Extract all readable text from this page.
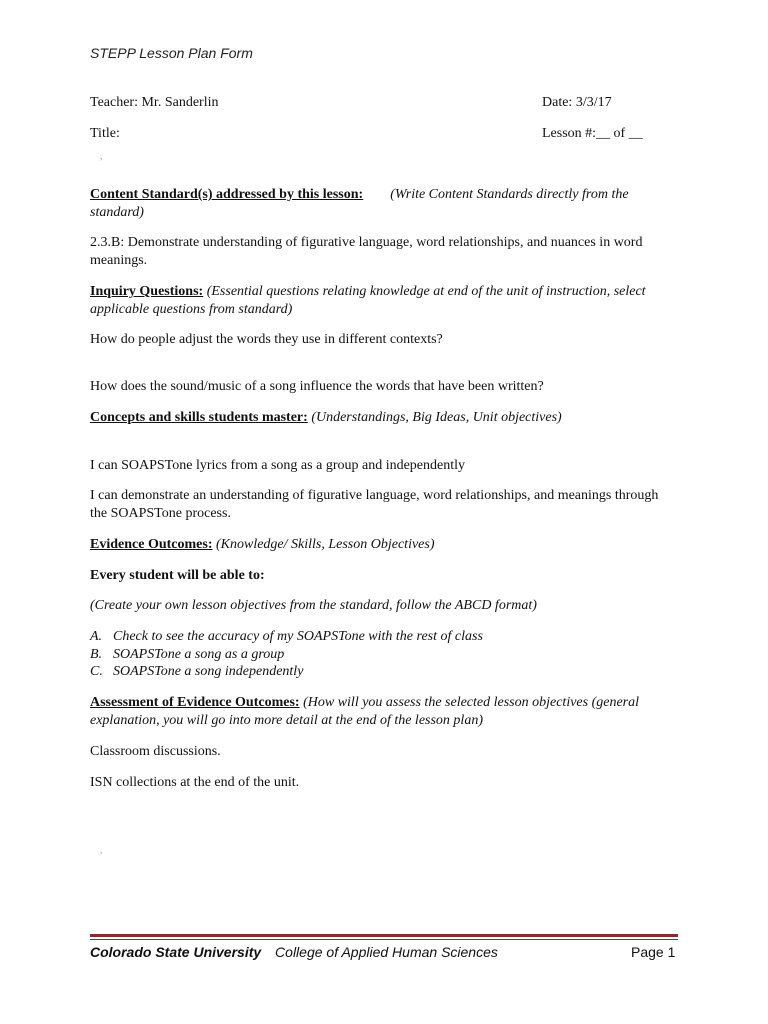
STEPP Lesson Plan Form
Teacher: Mr. Sanderlin	Date: 3/3/17
Title:	Lesson #:__ of __
,
Content Standard(s) addressed by this lesson: (Write Content Standards directly from the standard)
2.3.B: Demonstrate understanding of figurative language, word relationships, and nuances in word meanings.
Inquiry Questions: (Essential questions relating knowledge at end of the unit of instruction, select applicable questions from standard)
How do people adjust the words they use in different contexts?
How does the sound/music of a song influence the words that have been written?
Concepts and skills students master: (Understandings, Big Ideas, Unit objectives)
I can SOAPSTone lyrics from a song as a group and independently
I can demonstrate an understanding of figurative language, word relationships, and meanings through the SOAPSTone process.
Evidence Outcomes: (Knowledge/ Skills, Lesson Objectives)
Every student will be able to:
(Create your own lesson objectives from the standard, follow the ABCD format)
A. Check to see the accuracy of my SOAPSTone with the rest of class
B. SOAPSTone a song as a group
C. SOAPSTone a song independently
Assessment of Evidence Outcomes: (How will you assess the selected lesson objectives (general explanation, you will go into more detail at the end of the lesson plan)
Classroom discussions.
ISN collections at the end of the unit.
,
Colorado State University College of Applied Human Sciences	Page 1
